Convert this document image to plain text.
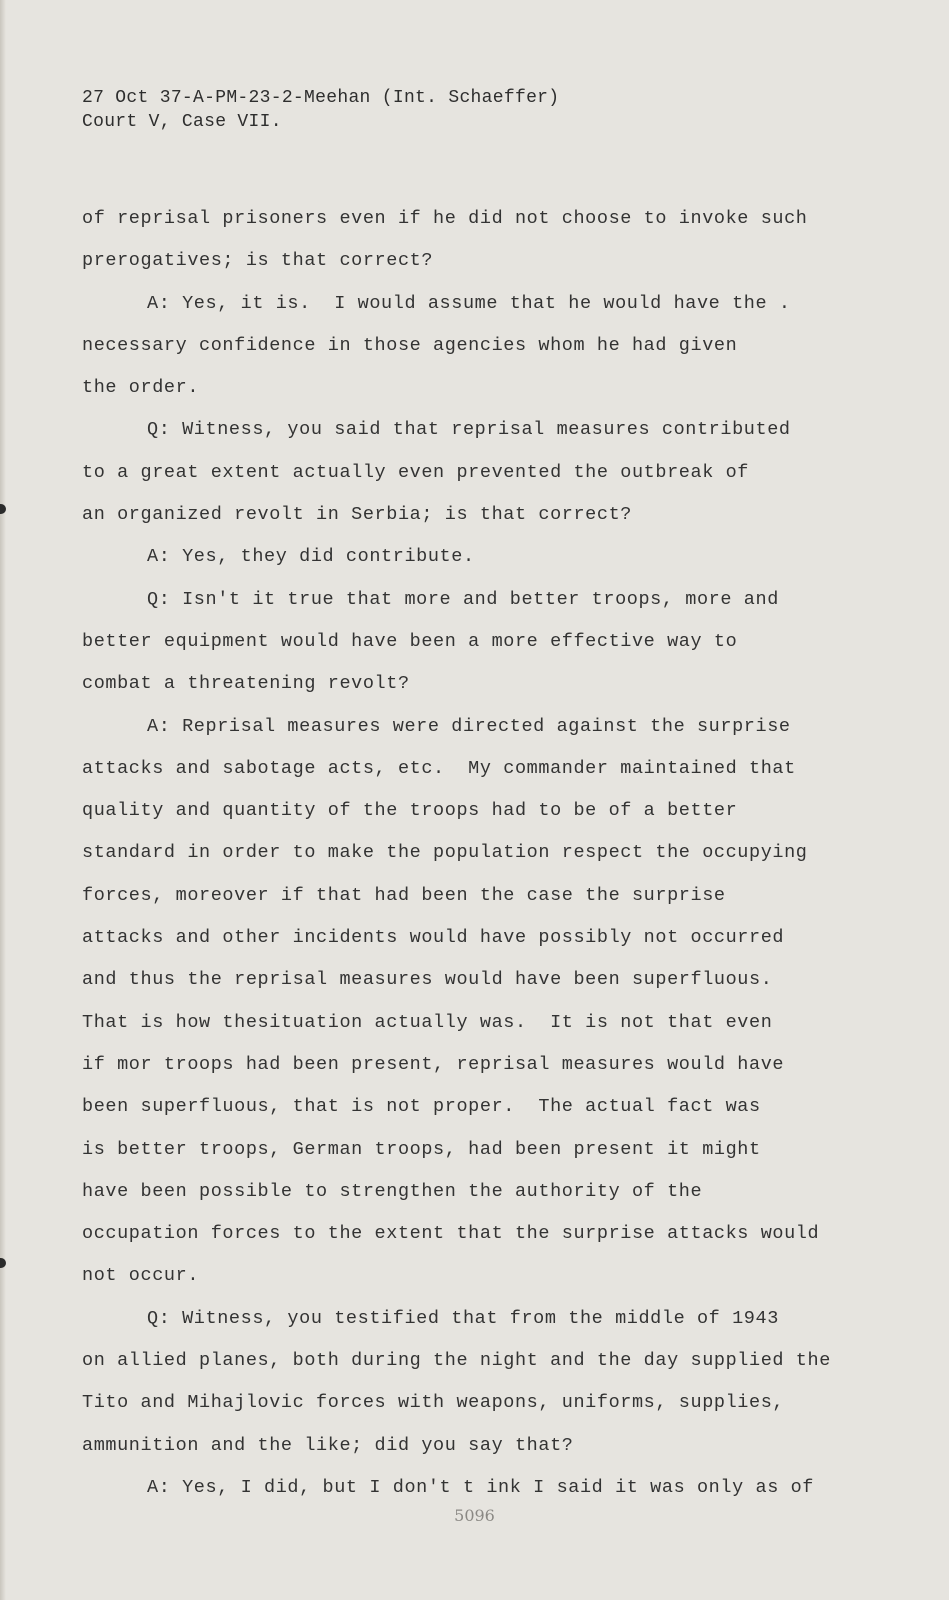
27 Oct 37-A-PM-23-2-Meehan (Int. Schaeffer)
Court V, Case VII.
of reprisal prisoners even if he did not choose to invoke such
prerogatives; is that correct?
A: Yes, it is.  I would assume that he would have the .
necessary confidence in those agencies whom he had given
the order.
Q: Witness, you said that reprisal measures contributed
to a great extent actually even prevented the outbreak of
an organized revolt in Serbia; is that correct?
A: Yes, they did contribute.
Q: Isn't it true that more and better troops, more and
better equipment would have been a more effective way to
combat a threatening revolt?
A: Reprisal measures were directed against the surprise
attacks and sabotage acts, etc.  My commander maintained that
quality and quantity of the troops had to be of a better
standard in order to make the population respect the occupying
forces, moreover if that had been the case the surprise
attacks and other incidents would have possibly not occurred
and thus the reprisal measures would have been superfluous.
That is how thesituation actually was.  It is not that even
if mor troops had been present, reprisal measures would have
been superfluous, that is not proper.  The actual fact was
is better troops, German troops, had been present it might
have been possible to strengthen the authority of the
occupation forces to the extent that the surprise attacks would
not occur.
Q: Witness, you testified that from the middle of 1943
on allied planes, both during the night and the day supplied the
Tito and Mihajlovic forces with weapons, uniforms, supplies,
ammunition and the like; did you say that?
A: Yes, I did, but I don't t ink I said it was only as of
5096
